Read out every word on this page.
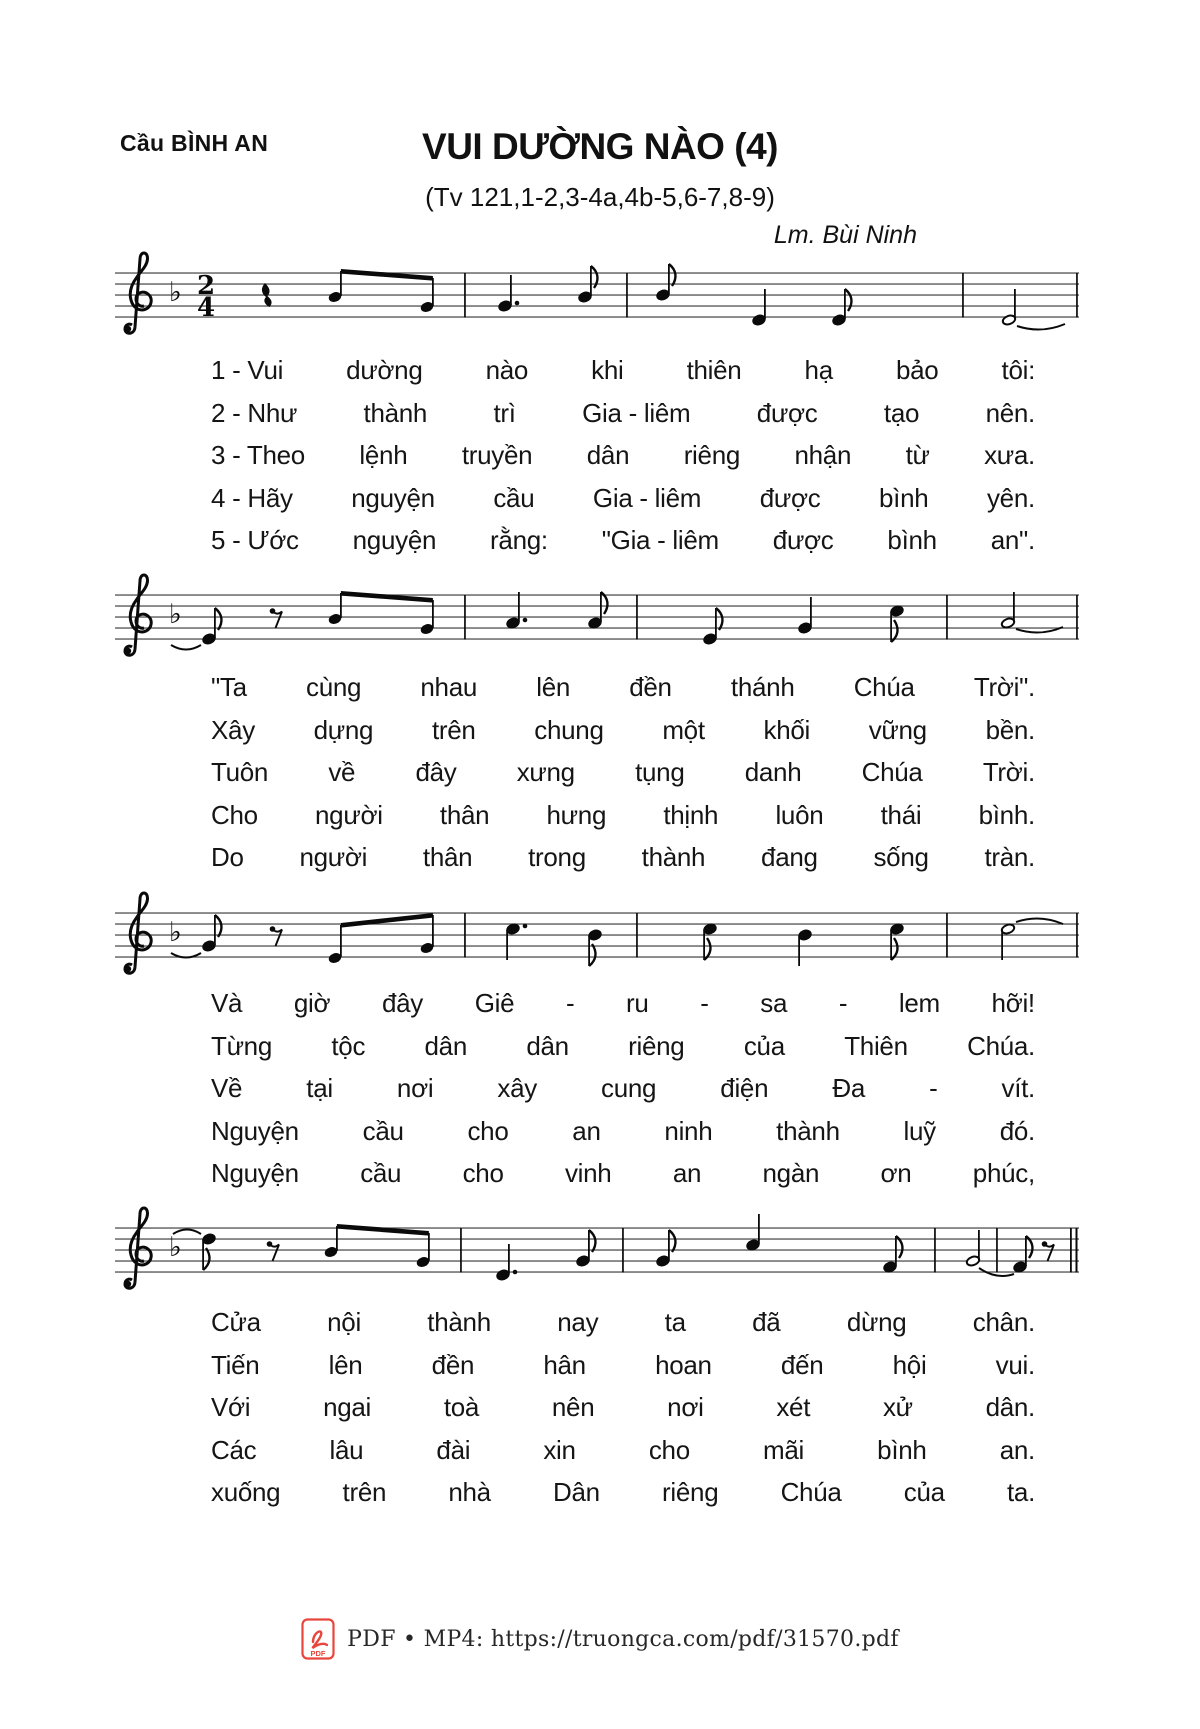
Cầu BÌNH AN	VUI DƯỜNG NÀO (4)
(Tv 121,1-2,3-4a,4b-5,6-7,8-9)
Lm. Bùi Ninh
♭ 2
4
♭
♭
♭
1 - Vui dường nào khi thiên hạ bảo tôi:
2 - Như	thành	trì	Gia - liêm	được	tạo	nên.
3 - Theo lệnh truyền dân riêng nhận từ xưa.
4 - Hãy nguyện cầu Gia - liêm được bình yên.
5 - Ước nguyện rằng: "Gia - liêm được bình an".
"Ta cùng nhau lên đền thánh Chúa Trời".
Xây dựng trên chung một khối vững bền.
Tuôn về đây xưng tụng danh Chúa Trời.
Cho người thân hưng thịnh luôn thái bình.
Do người thân trong thành đang sống tràn.
Và giờ đây Giê - ru - sa - lem hỡi!
Từng tộc dân dân riêng của Thiên Chúa.
Về tại nơi xây cung điện Đa - vít.
Nguyện cầu cho an ninh thành luỹ đó.
Nguyện cầu cho vinh an ngàn ơn phúc,
Cửa	nội	thành	nay	ta	đã	dừng	chân.
Tiến	lên	đền	hân	hoan	đến	hội	vui.
Với	ngai	toà	nên	nơi	xét	xử	dân.
Các	lâu	đài	xin	cho	mãi	bình	an.
xuống trên nhà Dân riêng Chúa của ta.
PDF
PDF • MP4: https://truongca.com/pdf/31570.pdf
